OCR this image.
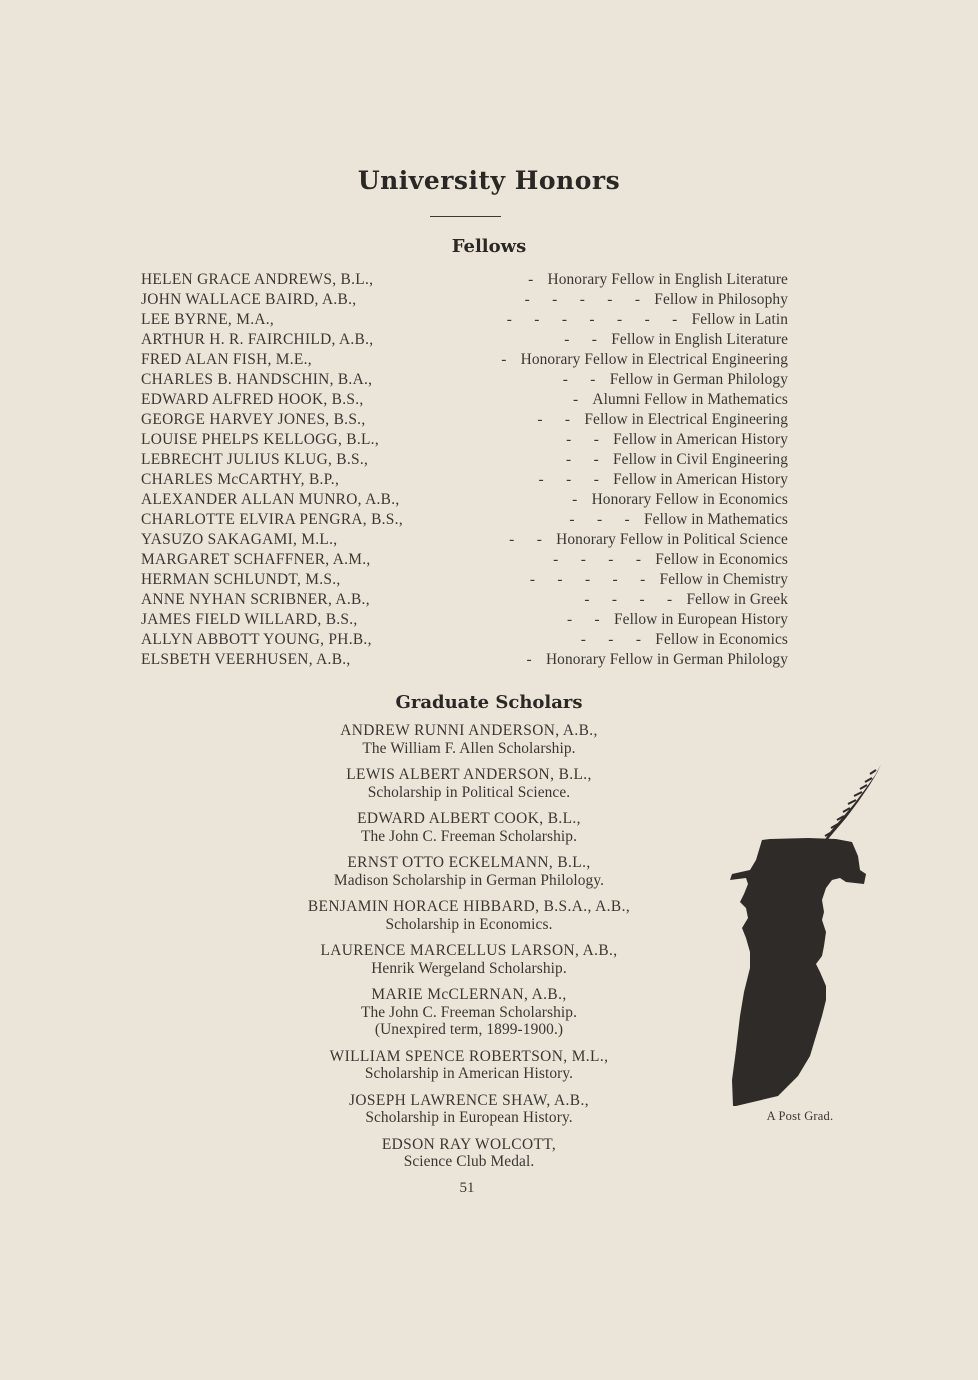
University Honors
Fellows
HELEN GRACE ANDREWS, B.L.,	- Honorary Fellow in English Literature
JOHN WALLACE BAIRD, A.B.,	- - - - - Fellow in Philosophy
LEE BYRNE, M.A.,	- - - - - - - Fellow in Latin
ARTHUR H. R. FAIRCHILD, A.B.,	- - Fellow in English Literature
FRED ALAN FISH, M.E.,	- Honorary Fellow in Electrical Engineering
CHARLES B. HANDSCHIN, B.A.,	- - Fellow in German Philology
EDWARD ALFRED HOOK, B.S.,	- Alumni Fellow in Mathematics
GEORGE HARVEY JONES, B.S.,	- - Fellow in Electrical Engineering
LOUISE PHELPS KELLOGG, B.L.,	- - Fellow in American History
LEBRECHT JULIUS KLUG, B.S.,	- - Fellow in Civil Engineering
CHARLES McCARTHY, B.P.,	- - - Fellow in American History
ALEXANDER ALLAN MUNRO, A.B.,	- Honorary Fellow in Economics
CHARLOTTE ELVIRA PENGRA, B.S.,	- - - Fellow in Mathematics
YASUZO SAKAGAMI, M.L.,	- - Honorary Fellow in Political Science
MARGARET SCHAFFNER, A.M.,	- - - - Fellow in Economics
HERMAN SCHLUNDT, M.S.,	- - - - - Fellow in Chemistry
ANNE NYHAN SCRIBNER, A.B.,	- - - - Fellow in Greek
JAMES FIELD WILLARD, B.S.,	- - Fellow in European History
ALLYN ABBOTT YOUNG, PH.B.,	- - - Fellow in Economics
ELSBETH VEERHUSEN, A.B.,	- Honorary Fellow in German Philology
Graduate Scholars
ANDREW RUNNI ANDERSON, A.B.,
The William F. Allen Scholarship.
LEWIS ALBERT ANDERSON, B.L.,
Scholarship in Political Science.
EDWARD ALBERT COOK, B.L.,
The John C. Freeman Scholarship.
ERNST OTTO ECKELMANN, B.L.,
Madison Scholarship in German Philology.
BENJAMIN HORACE HIBBARD, B.S.A., A.B.,
Scholarship in Economics.
LAURENCE MARCELLUS LARSON, A.B.,
Henrik Wergeland Scholarship.
MARIE McCLERNAN, A.B.,
The John C. Freeman Scholarship.
(Unexpired term, 1899-1900.)
WILLIAM SPENCE ROBERTSON, M.L.,
Scholarship in American History.
JOSEPH LAWRENCE SHAW, A.B.,
Scholarship in European History.
EDSON RAY WOLCOTT,
Science Club Medal.
51
A Post Grad.
